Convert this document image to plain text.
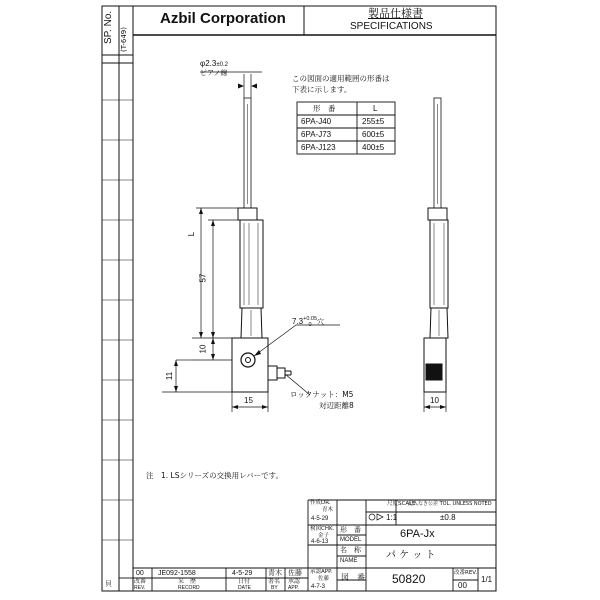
SP. No. (T-649)
Azbil Corporation	製品仕様書
SPECIFICATIONS
φ2.3±0.2
ピアノ線
この図面の適用範囲の形番は
下表に示します。
形　番	L
6PA-J40	255±5
6PA-J73	600±5
6PA-J123	400±5
L
57
10
11
15	10
7.3 +0.05
0 穴
ロックナット：M5
対辺距離8
注　1. LSシリーズの交換用レバーです。
作成DR.
青木
4-5-29
検図CHK.
金子
4-6-13
承認APP.
佐藤
4-7-3
尺度SCALE
1:1
記入なき公差 TOL. UNLESS NOTED
±0.8
形　番
MODEL	6PA-Jx
名　称
NAME	パ ケ ッ ト
図　番 50820	改番REV.
00
1/1
00 JE092-1558	4-5-29 青木 佐藤
改番
REV.
采　歴
RECORD
日付
DATE
署名
BY
承認
APP.
貝
